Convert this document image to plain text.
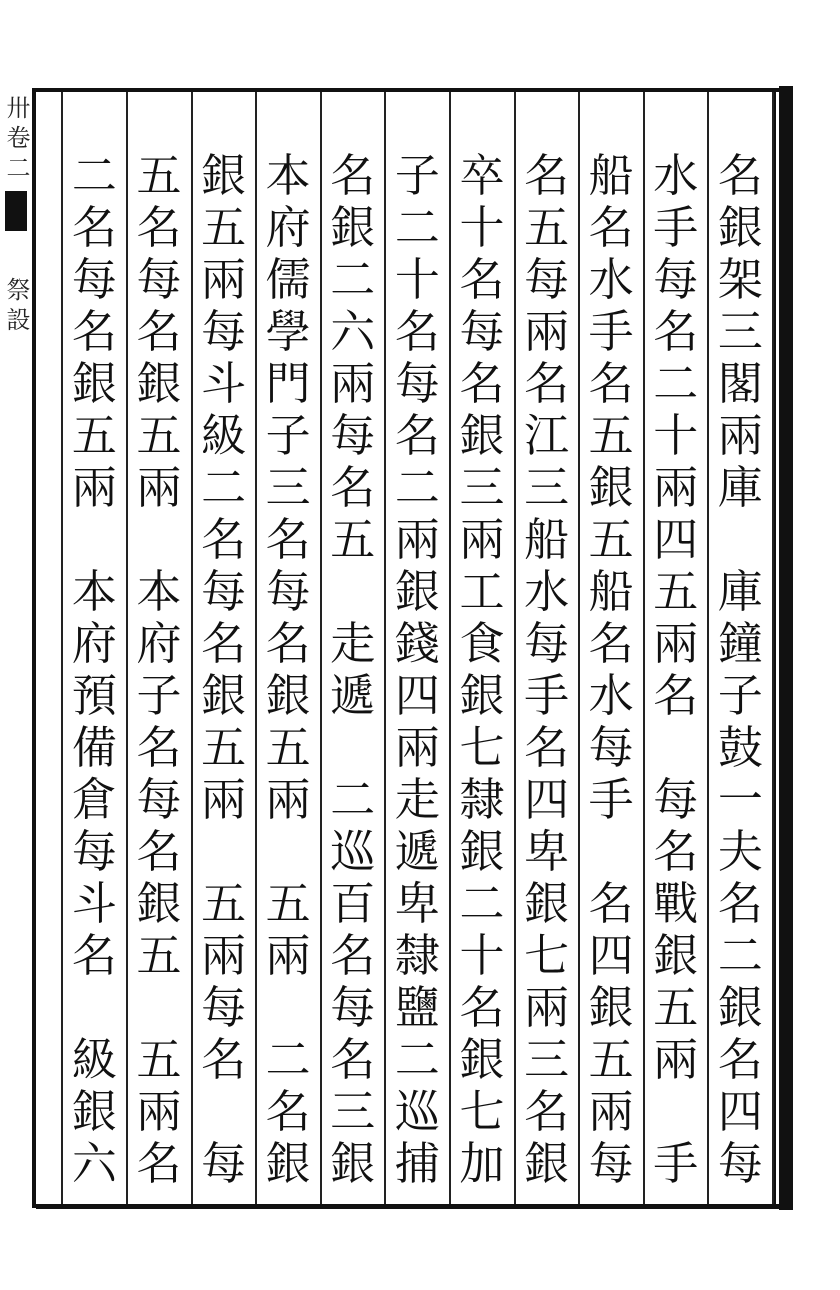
卅卷二
祭設
名
銀
架
三
閣
兩
庫

庫
鐘
子
鼓
一
夫
名
二
銀
名
四
每
水
手
每
名
二
十
兩
四
五
兩
名

每
名
戰
銀
五
兩

手
船
名
水
手
名
五
銀
五
船
名
水
每
手

名
四
銀
五
兩
每
名
五
每
兩
名
江
三
船
水
每
手
名
四
卑
銀
七
兩
三
名
銀
卒
十
名
每
名
銀
三
兩
工
食
銀
七
隸
銀
二
十
名
銀
七
加
子
二
十
名
每
名
二
兩
銀
錢
四
兩
走
遞
卑
隸
鹽
二
巡
捕
名
銀
二
六
兩
每
名
五

走
遞

二
巡
百
名
每
名
三
銀
本
府
儒
學
門
子
三
名
每
名
銀
五
兩

五
兩

二
名
銀
銀
五
兩
每
斗
級
二
名
每
名
銀
五
兩

五
兩
每
名

每
五
名
每
名
銀
五
兩

本
府
子
名
每
名
銀
五

五
兩
名
二
名
每
名
銀
五
兩

本
府
預
備
倉
每
斗
名

級
銀
六
